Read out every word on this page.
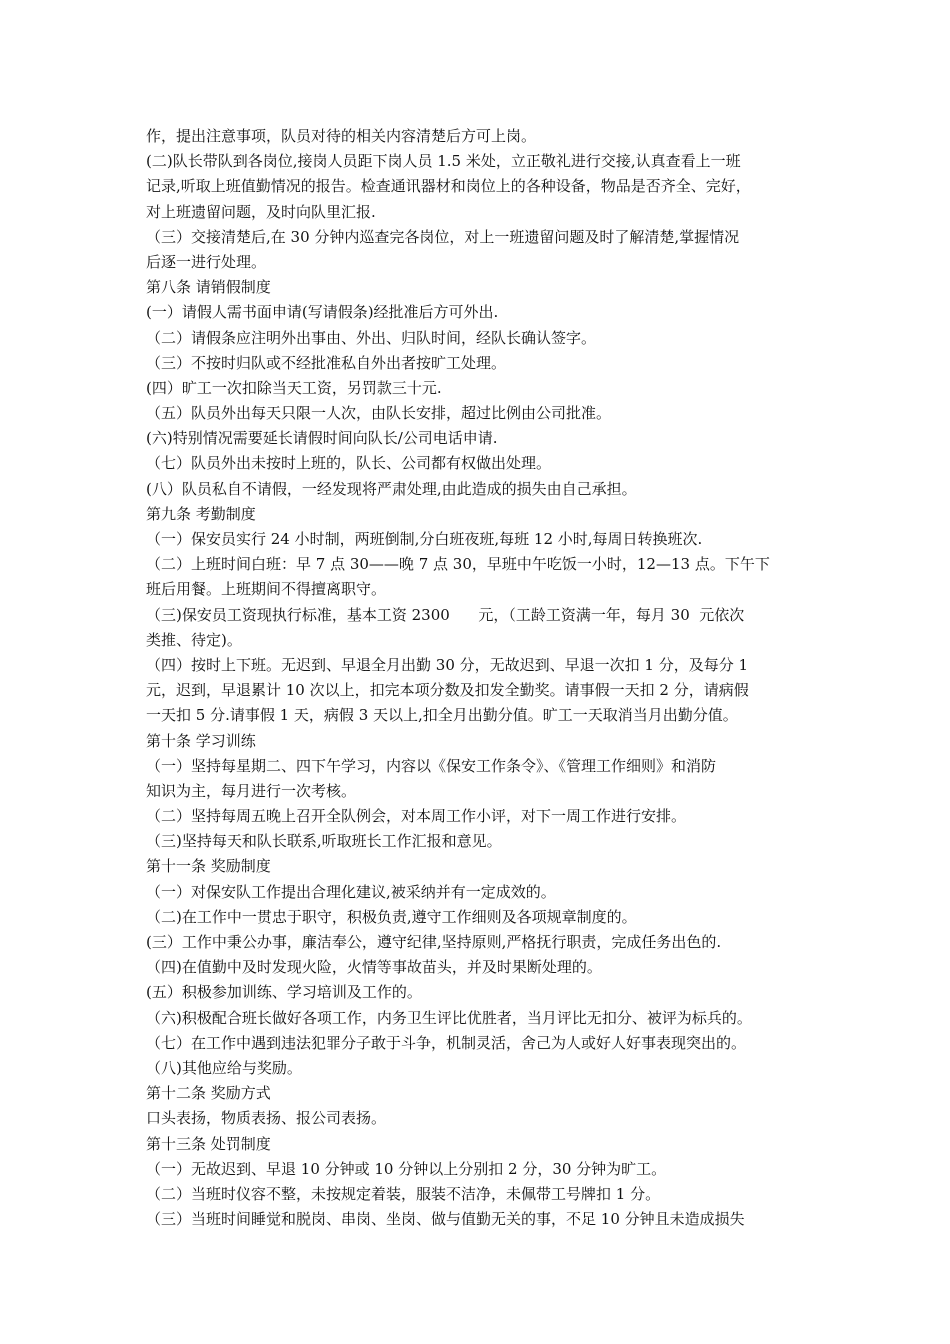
作，提出注意事项，队员对待的相关内容清楚后方可上岗。
(二)队长带队到各岗位,接岗人员距下岗人员 1.5 米处，立正敬礼进行交接,认真查看上一班
记录,听取上班值勤情况的报告。检查通讯器材和岗位上的各种设备，物品是否齐全、完好，
对上班遗留问题，及时向队里汇报.
（三）交接清楚后,在 30 分钟内巡查完各岗位，对上一班遗留问题及时了解清楚,掌握情况
后逐一进行处理。
第八条 请销假制度
(一）请假人需书面申请(写请假条)经批准后方可外出.
（二）请假条应注明外出事由、外出、归队时间，经队长确认签字。
（三）不按时归队或不经批准私自外出者按旷工处理。
(四）旷工一次扣除当天工资，另罚款三十元.
（五）队员外出每天只限一人次，由队长安排，超过比例由公司批准。
(六)特别情况需要延长请假时间向队长/公司电话申请.
（七）队员外出未按时上班的，队长、公司都有权做出处理。
(八）队员私自不请假，一经发现将严肃处理,由此造成的损失由自己承担。
第九条 考勤制度
（一）保安员实行 24 小时制，两班倒制,分白班夜班,每班 12 小时,每周日转换班次.
（二）上班时间白班：早 7 点 30——晚 7 点 30，早班中午吃饭一小时，12—13 点。下午下
班后用餐。上班期间不得擅离职守。
（三)保安员工资现执行标准，基本工资 2300      元，（工龄工资满一年，每月 30  元依次
类推、待定)。
（四）按时上下班。无迟到、早退全月出勤 30 分，无故迟到、早退一次扣 1 分，及每分 1
元，迟到，早退累计 10 次以上，扣完本项分数及扣发全勤奖。请事假一天扣 2 分，请病假
一天扣 5 分.请事假 1 天，病假 3 天以上,扣全月出勤分值。旷工一天取消当月出勤分值。
第十条 学习训练
（一）坚持每星期二、四下午学习，内容以《保安工作条令》、《管理工作细则》和消防
知识为主，每月进行一次考核。
（二）坚持每周五晚上召开全队例会，对本周工作小评，对下一周工作进行安排。
（三)坚持每天和队长联系,听取班长工作汇报和意见。
第十一条 奖励制度
（一）对保安队工作提出合理化建议,被采纳并有一定成效的。
（二)在工作中一贯忠于职守，积极负责,遵守工作细则及各项规章制度的。
(三）工作中秉公办事，廉洁奉公，遵守纪律,坚持原则,严格抚行职责，完成任务出色的.
（四)在值勤中及时发现火险，火情等事故苗头，并及时果断处理的。
(五）积极参加训练、学习培训及工作的。
（六)积极配合班长做好各项工作，内务卫生评比优胜者，当月评比无扣分、被评为标兵的。
（七）在工作中遇到违法犯罪分子敢于斗争，机制灵活，舍己为人或好人好事表现突出的。
（八)其他应给与奖励。
第十二条 奖励方式
口头表扬，物质表扬、报公司表扬。
第十三条 处罚制度
（一）无故迟到、早退 10 分钟或 10 分钟以上分别扣 2 分，30 分钟为旷工。
（二）当班时仪容不整，未按规定着装，服装不洁净，未佩带工号牌扣 1 分。
（三）当班时间睡觉和脱岗、串岗、坐岗、做与值勤无关的事，不足 10 分钟且未造成损失
